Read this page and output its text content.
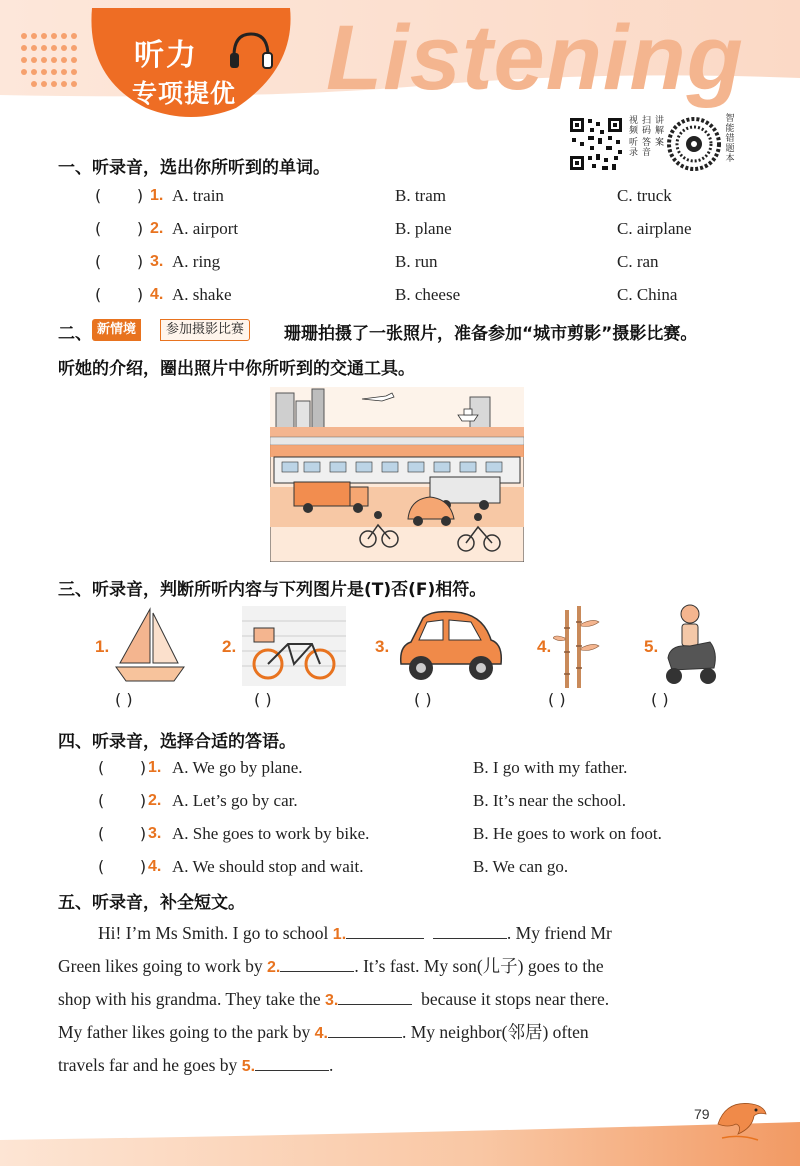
听力
专项提优 Listening
视频
扫码
讲解
听录
答音
案
智
能
错
题
本
一、听录音，选出你所听到的单词。
(       ) 1. A. train	B. tram	C. truck
(       ) 2. A. airport	B. plane	C. airplane
(       ) 3. A. ring	B. run	C. ran
(       ) 4. A. shake	B. cheese	C. China
二、 新情境	参加摄影比赛	珊珊拍摄了一张照片，准备参加“城市剪影”摄影比赛。
听她的介绍，圈出照片中你所听到的交通工具。
三、听录音，判断所听内容与下列图片是(T)否(F)相符。
1.	2.	3.	4.	5.
( )	( )	( )	( )	( )
四、听录音，选择合适的答语。
(       ) 1. A. We go by plane.	B. I go with my father.
(       ) 2. A. Let’s go by car.	B. It’s near the school.
(       ) 3. A. She goes to work by bike.	B. He goes to work on foot.
(       ) 4. A. We should stop and wait.	B. We can go.
五、听录音，补全短文。
Hi! I’m Ms Smith. I go to school 1.	. My friend Mr
Green likes going to work by 2.	. It’s fast. My son(儿子) goes to the
shop with his grandma. They take the 3.	because it stops near there.
My father likes going to the park by 4.	. My neighbor(邻居) often
travels far and he goes by 5.	.
79
